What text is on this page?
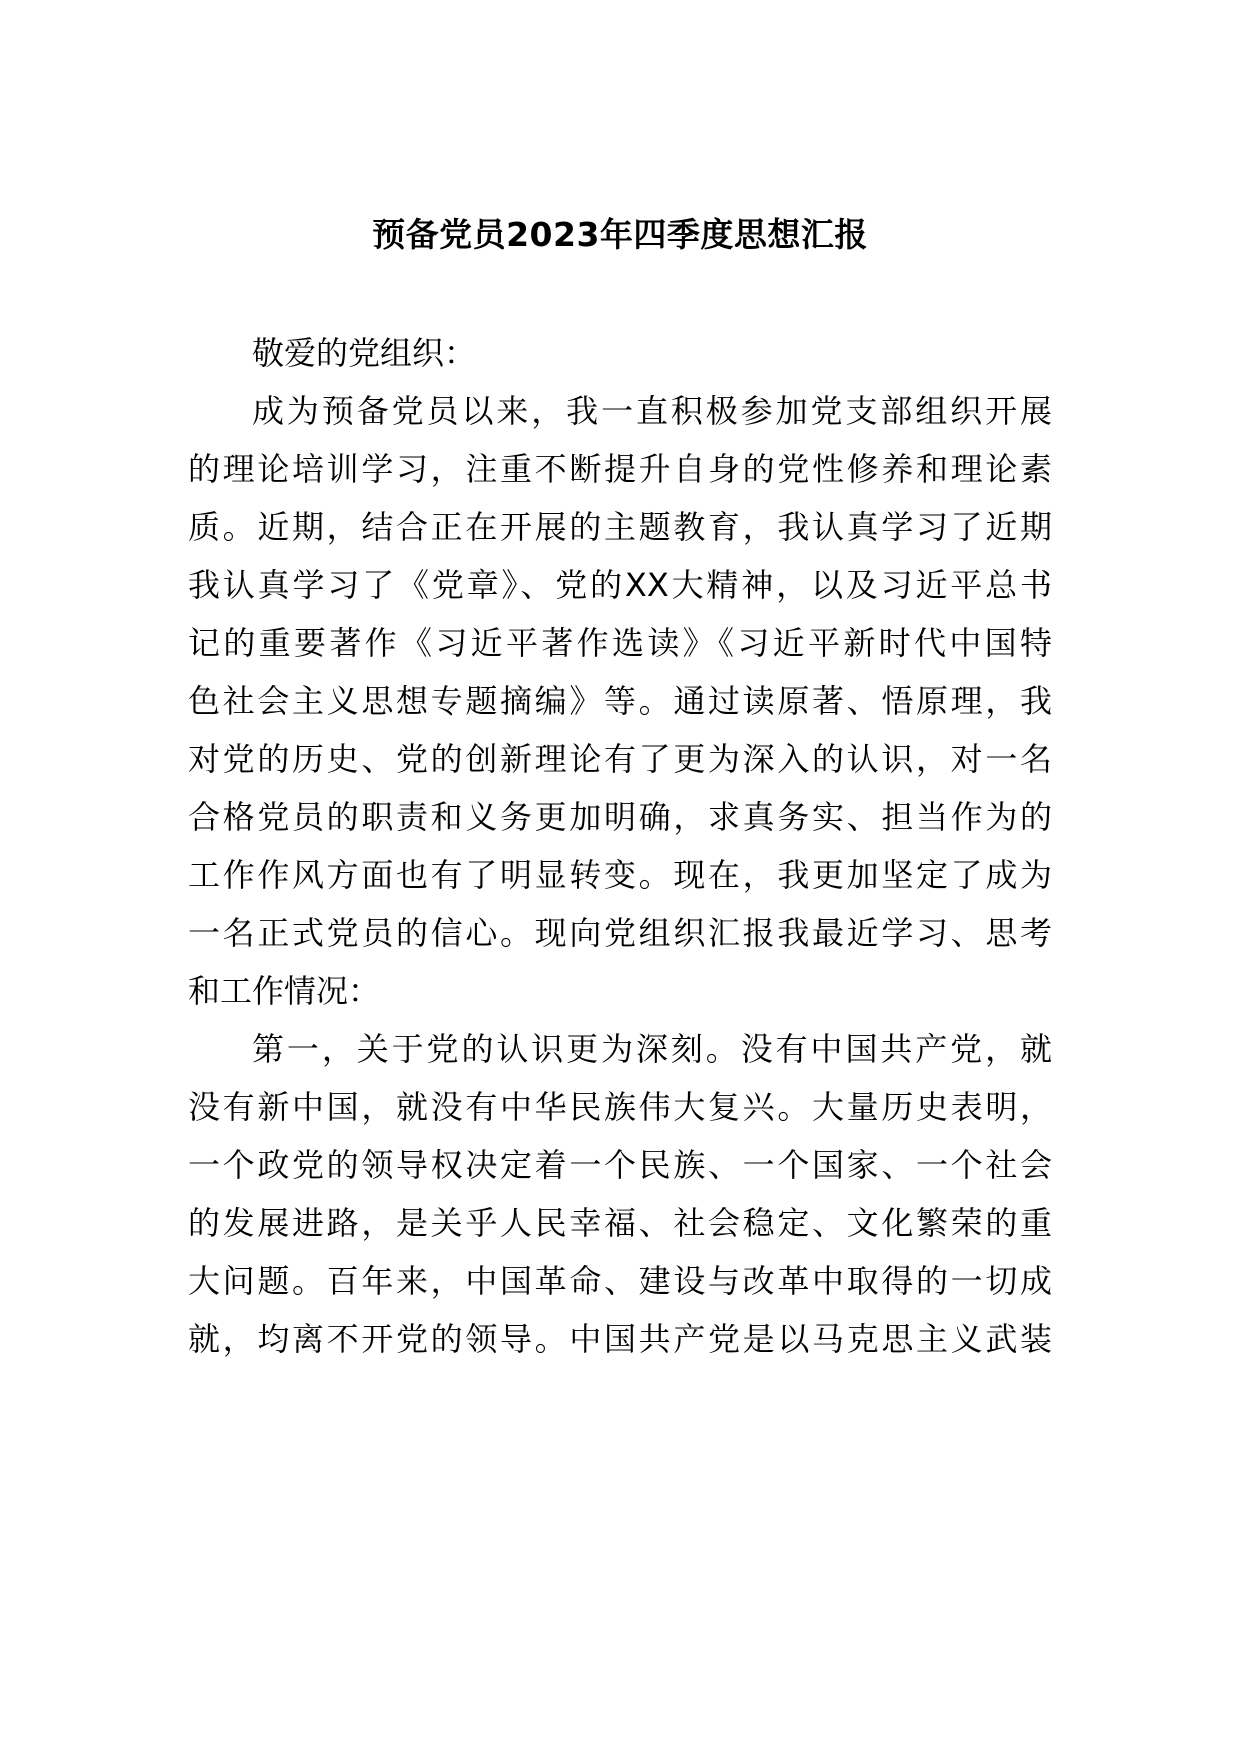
预备党员2023年四季度思想汇报
敬爱的党组织：
成为预备党员以来，我一直积极参加党支部组织开展
的理论培训学习，注重不断提升自身的党性修养和理论素
质。近期，结合正在开展的主题教育，我认真学习了近期
我认真学习了《党章》、党的XX大精神，以及习近平总书
记的重要著作《习近平著作选读》《习近平新时代中国特
色社会主义思想专题摘编》等。通过读原著、悟原理，我
对党的历史、党的创新理论有了更为深入的认识，对一名
合格党员的职责和义务更加明确，求真务实、担当作为的
工作作风方面也有了明显转变。现在，我更加坚定了成为
一名正式党员的信心。现向党组织汇报我最近学习、思考
和工作情况：
第一，关于党的认识更为深刻。没有中国共产党，就
没有新中国，就没有中华民族伟大复兴。大量历史表明，
一个政党的领导权决定着一个民族、一个国家、一个社会
的发展进路，是关乎人民幸福、社会稳定、文化繁荣的重
大问题。百年来，中国革命、建设与改革中取得的一切成
就，均离不开党的领导。中国共产党是以马克思主义武装
